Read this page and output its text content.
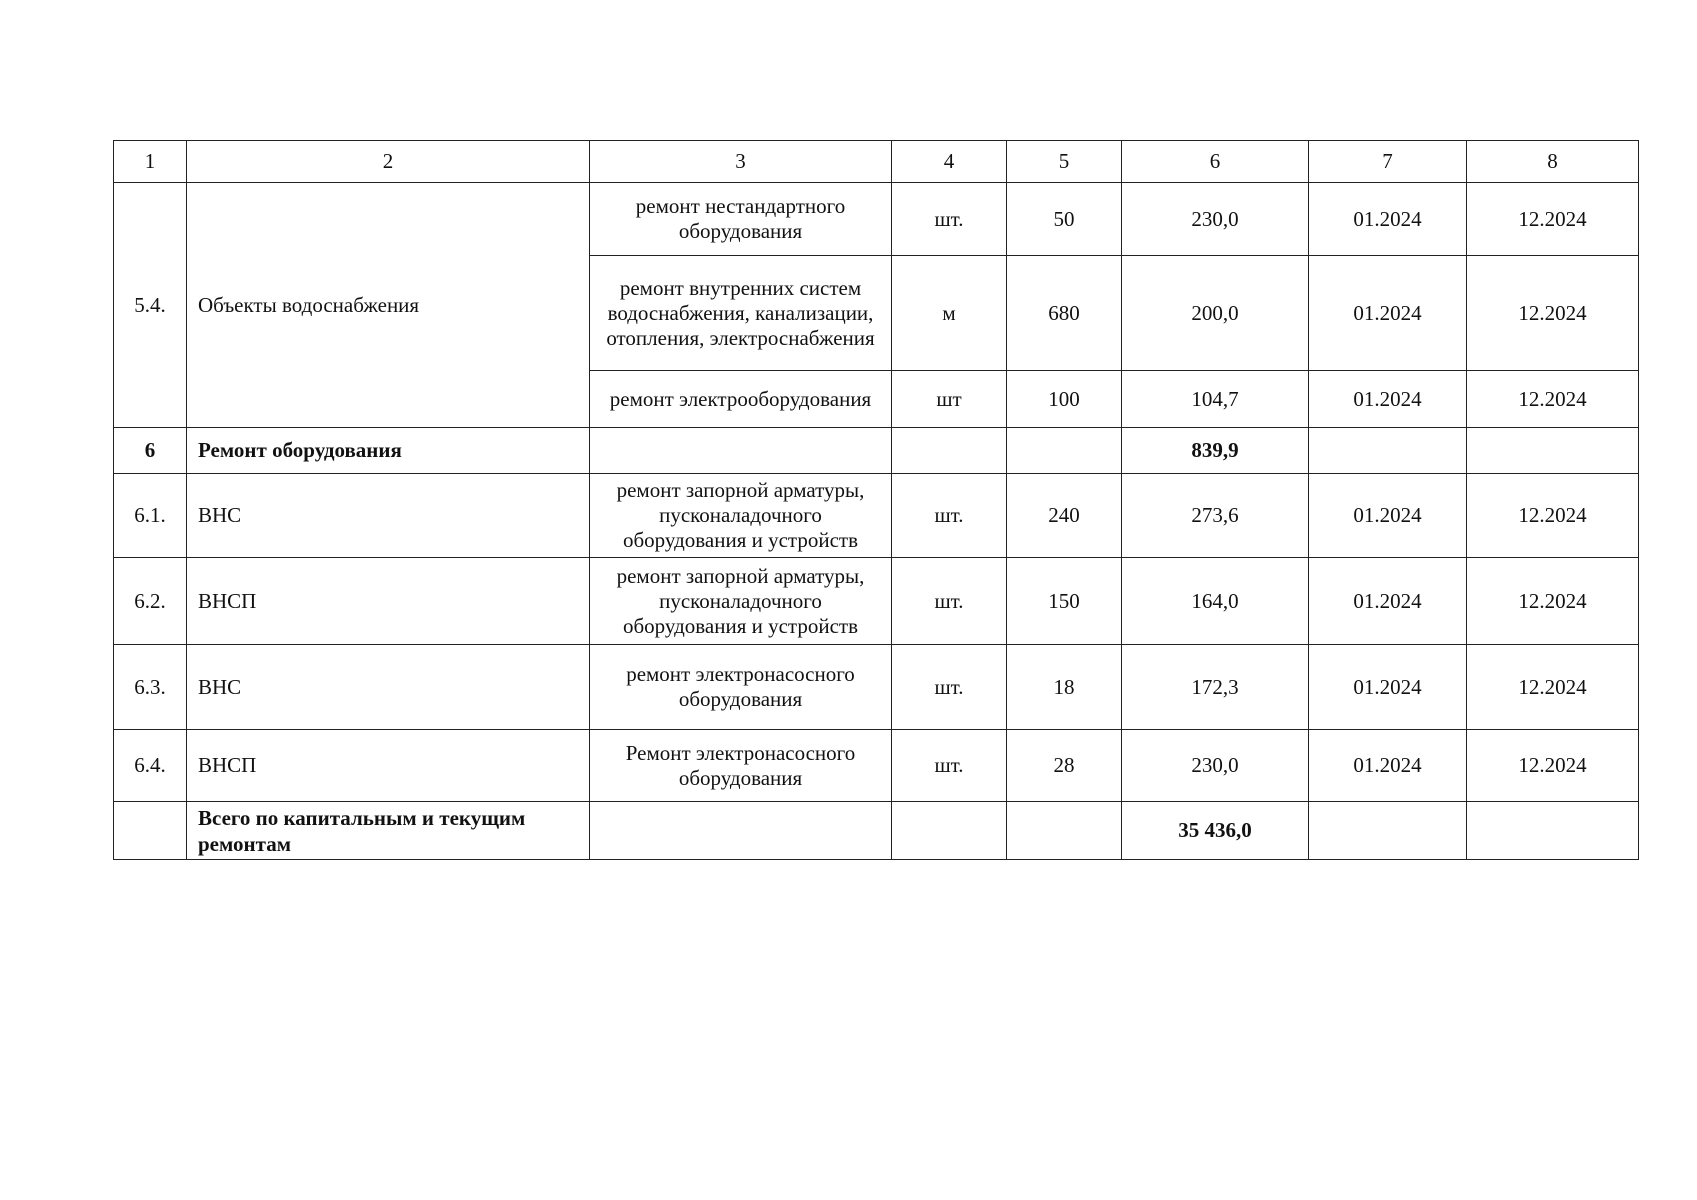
1	2	3	4	5	6	7	8
5.4.	Объекты водоснабжения	ремонт нестандартного оборудования	шт.	50	230,0	01.2024	12.2024
		ремонт внутренних систем водоснабжения, канализации, отопления, электроснабжения	м	680	200,0	01.2024	12.2024
		ремонт электрооборудования	шт	100	104,7	01.2024	12.2024
6	Ремонт оборудования				839,9		
6.1.	ВНС	ремонт запорной арматуры, пусконаладочного оборудования и устройств	шт.	240	273,6	01.2024	12.2024
6.2.	ВНСП	ремонт запорной арматуры, пусконаладочного оборудования и устройств	шт.	150	164,0	01.2024	12.2024
6.3.	ВНС	ремонт электронасосного оборудования	шт.	18	172,3	01.2024	12.2024
6.4.	ВНСП	Ремонт электронасосного оборудования	шт.	28	230,0	01.2024	12.2024
	Всего по капитальным и текущим ремонтам				35 436,0		
